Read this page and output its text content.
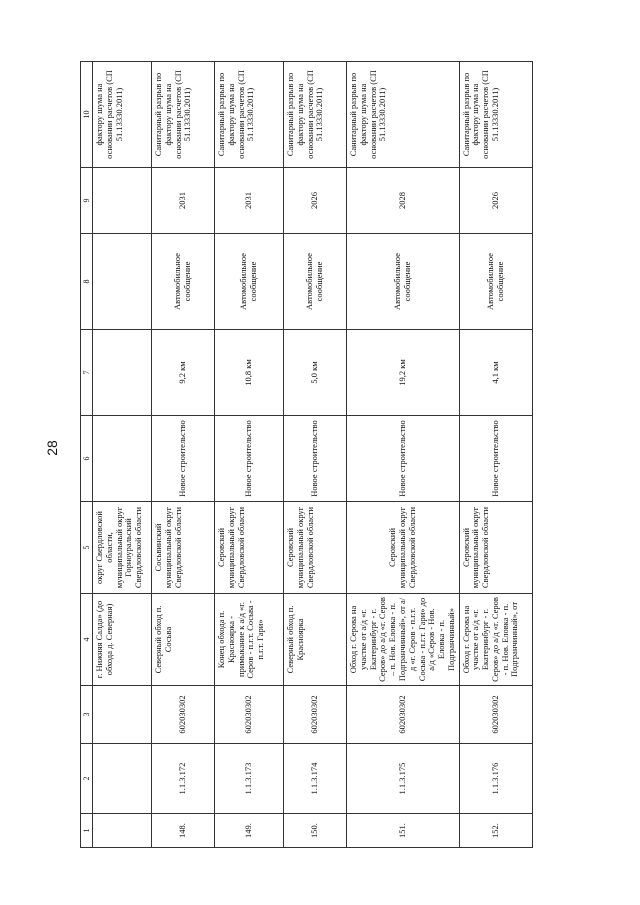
28
1	2	3	4	5	6	7	8	9	10
			г. Нижняя Салда» (до обхода д. Северная)	округ Свердловской области, муниципальный округ Горноуральский Свердловской области					фактору шума на основании расчетов (СП 51.13330.2011)
148.	1.1.3.172	602030302	Северный обход п. Сосьва	Сосьвинский муниципальный округ Свердловской области	Новое строительство	9,2 км	Автомобильное сообщение	2031	Санитарный разрыв по фактору шума на основании расчетов (СП 51.13330.2011)
149.	1.1.3.173	602030302	Конец обхода п. Красноярка - примыкание к а/д «г. Серов - п.г.т. Сосьва - п.г.т. Гари»	Серовский муниципальный округ Свердловской области	Новое строительство	10,8 км	Автомобильное сообщение	2031	Санитарный разрыв по фактору шума на основании расчетов (СП 51.13330.2011)
150.	1.1.3.174	602030302	Северный обход п. Красноярка	Серовский муниципальный округ Свердловской области	Новое строительство	5,0 км	Автомобильное сообщение	2026	Санитарный разрыв по фактору шума на основании расчетов (СП 51.13330.2011)
151.	1.1.3.175	602030302	Обход г. Серова на участке от а/д «г. Екатеринбург - г. Серов» до а/д «г. Серов – п. Нов. Еловка - п. Подгранчинный», от а/д «г. Серов - п.г.т. Сосьва - п.г.т. Гари» до а/д «Серов - Нов. Еловка - п. Подгранчинный»	Серовский муниципальный округ Свердловской области	Новое строительство	19,2 км	Автомобильное сообщение	2028	Санитарный разрыв по фактору шума на основании расчетов (СП 51.13330.2011)
152.	1.1.3.176	602030302	Обход г. Серова на участке от а/д «г. Екатеринбург - г. Серов» до а/д «г. Серов - п. Нов. Еловка - п. Подгранчинный», от	Серовский муниципальный округ Свердловской области	Новое строительство	4,1 км	Автомобильное сообщение	2026	Санитарный разрыв по фактору шума на основании расчетов (СП 51.13330.2011)
